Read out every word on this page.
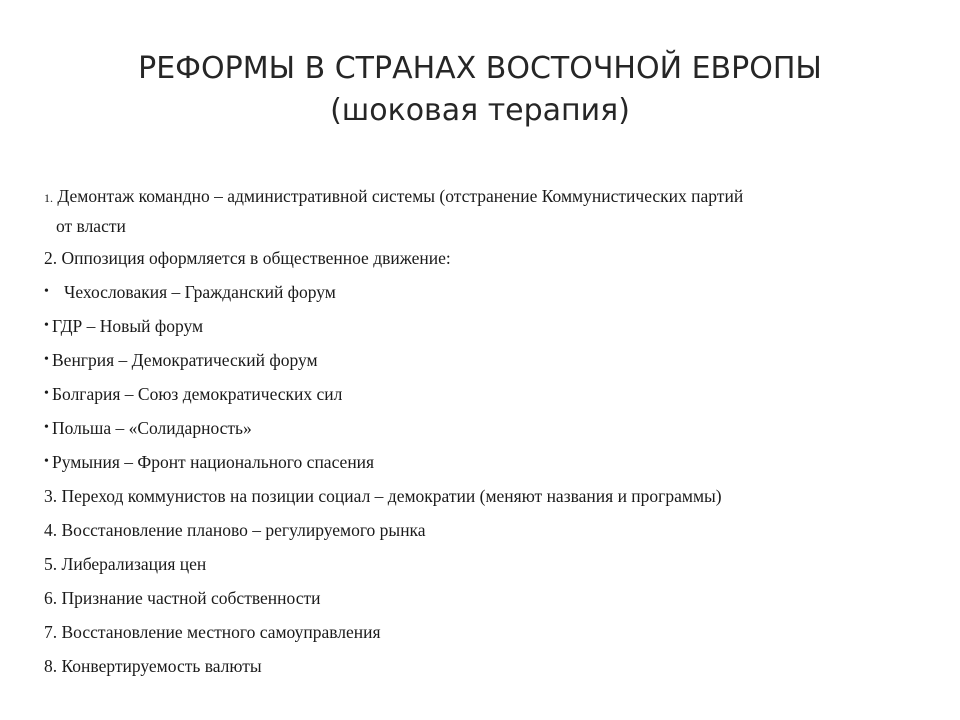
РЕФОРМЫ В СТРАНАХ ВОСТОЧНОЙ ЕВРОПЫ
(шоковая терапия)
1. Демонтаж командно – административной системы (отстранение Коммунистических партий
от власти
2. Оппозиция оформляется в общественное движение:
• Чехословакия – Гражданский форум
• ГДР – Новый форум
• Венгрия – Демократический форум
• Болгария – Союз демократических сил
• Польша – «Солидарность»
• Румыния – Фронт национального спасения
3. Переход коммунистов на позиции социал – демократии (меняют названия и программы)
4. Восстановление планово – регулируемого рынка
5. Либерализация цен
6. Признание частной собственности
7. Восстановление местного самоуправления
8. Конвертируемость валюты
